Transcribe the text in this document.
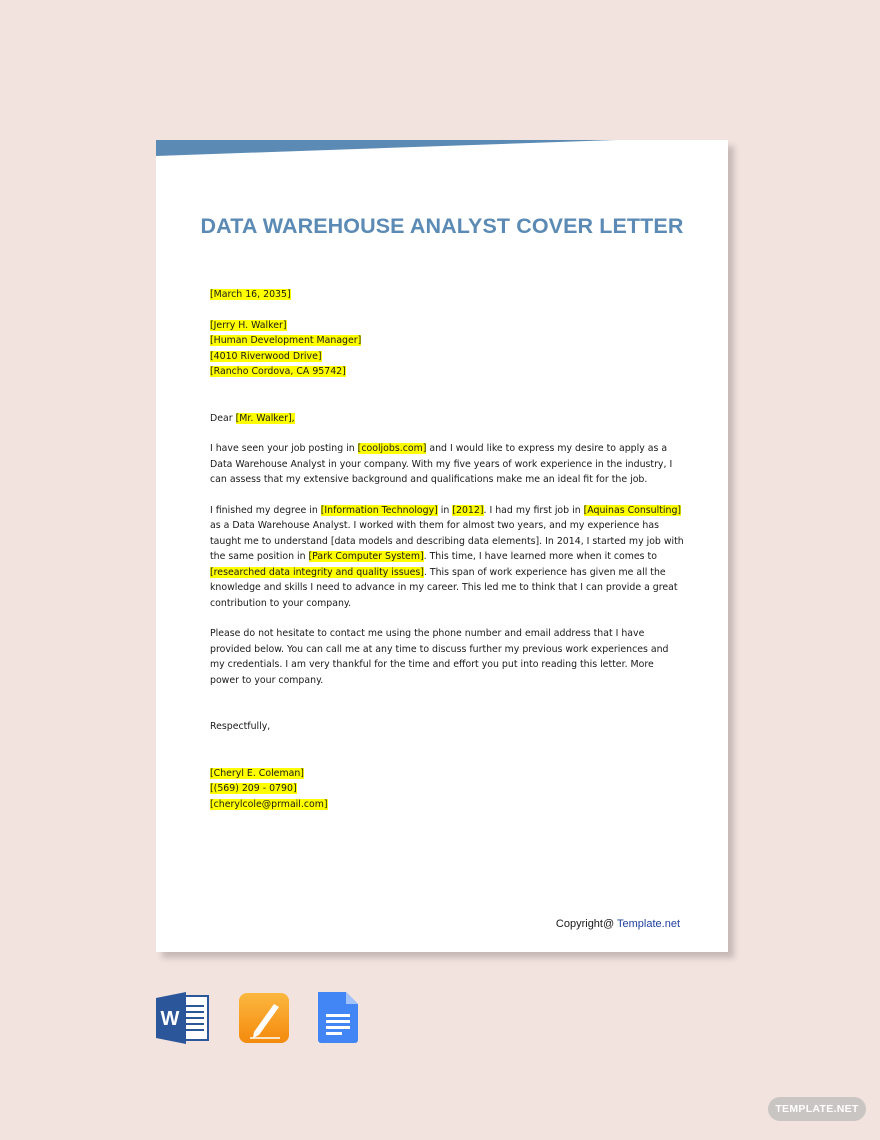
DATA WAREHOUSE ANALYST COVER LETTER

[March 16, 2035]

[Jerry H. Walker]
[Human Development Manager]
[4010 Riverwood Drive]
[Rancho Cordova, CA 95742]

Dear [Mr. Walker],

I have seen your job posting in [cooljobs.com] and I would like to express my desire to apply as a Data Warehouse Analyst in your company. With my five years of work experience in the industry, I can assess that my extensive background and qualifications make me an ideal fit for the job.

I finished my degree in [Information Technology] in [2012]. I had my first job in [Aquinas Consulting] as a Data Warehouse Analyst. I worked with them for almost two years, and my experience has taught me to understand [data models and describing data elements]. In 2014, I started my job with the same position in [Park Computer System]. This time, I have learned more when it comes to [researched data integrity and quality issues]. This span of work experience has given me all the knowledge and skills I need to advance in my career. This led me to think that I can provide a great contribution to your company.

Please do not hesitate to contact me using the phone number and email address that I have provided below. You can call me at any time to discuss further my previous work experiences and my credentials. I am very thankful for the time and effort you put into reading this letter. More power to your company.

Respectfully,

[Cheryl E. Coleman]
[(569) 209 - 0790]
[cherylcole@prmail.com]

Copyright@ Template.net
W
TEMPLATE.NET
